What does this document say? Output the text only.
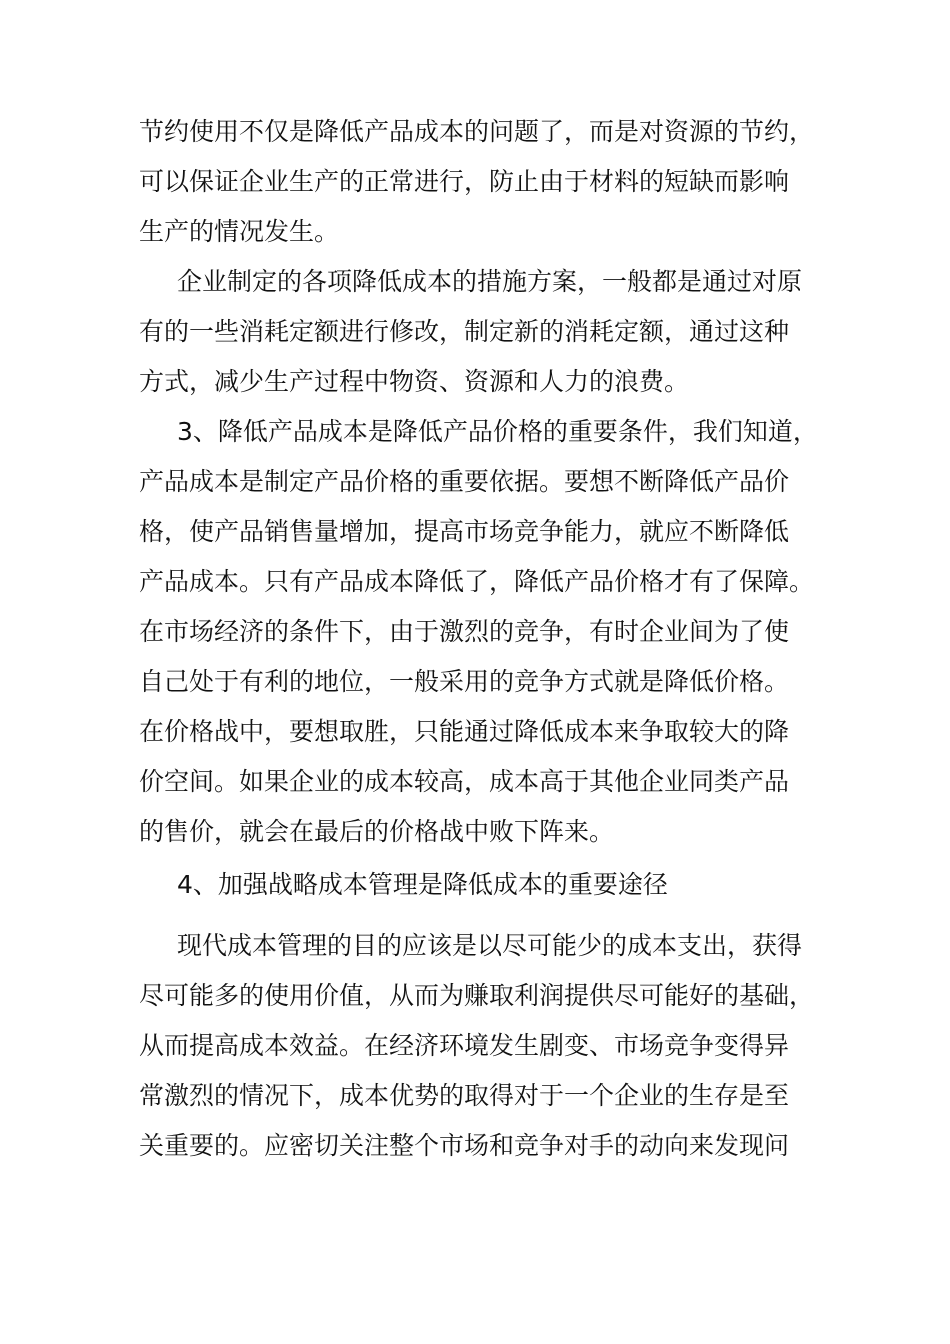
节约使用不仅是降低产品成本的问题了，而是对资源的节约，
可以保证企业生产的正常进行，防止由于材料的短缺而影响
生产的情况发生。
企业制定的各项降低成本的措施方案，一般都是通过对原
有的一些消耗定额进行修改，制定新的消耗定额，通过这种
方式，减少生产过程中物资、资源和人力的浪费。
3、降低产品成本是降低产品价格的重要条件，我们知道，
产品成本是制定产品价格的重要依据。要想不断降低产品价
格，使产品销售量增加，提高市场竞争能力，就应不断降低
产品成本。只有产品成本降低了，降低产品价格才有了保障。
在市场经济的条件下，由于激烈的竞争，有时企业间为了使
自己处于有利的地位，一般采用的竞争方式就是降低价格。
在价格战中，要想取胜，只能通过降低成本来争取较大的降
价空间。如果企业的成本较高，成本高于其他企业同类产品
的售价，就会在最后的价格战中败下阵来。
4、加强战略成本管理是降低成本的重要途径
现代成本管理的目的应该是以尽可能少的成本支出，获得
尽可能多的使用价值，从而为赚取利润提供尽可能好的基础，
从而提高成本效益。在经济环境发生剧变、市场竞争变得异
常激烈的情况下，成本优势的取得对于一个企业的生存是至
关重要的。应密切关注整个市场和竞争对手的动向来发现问
